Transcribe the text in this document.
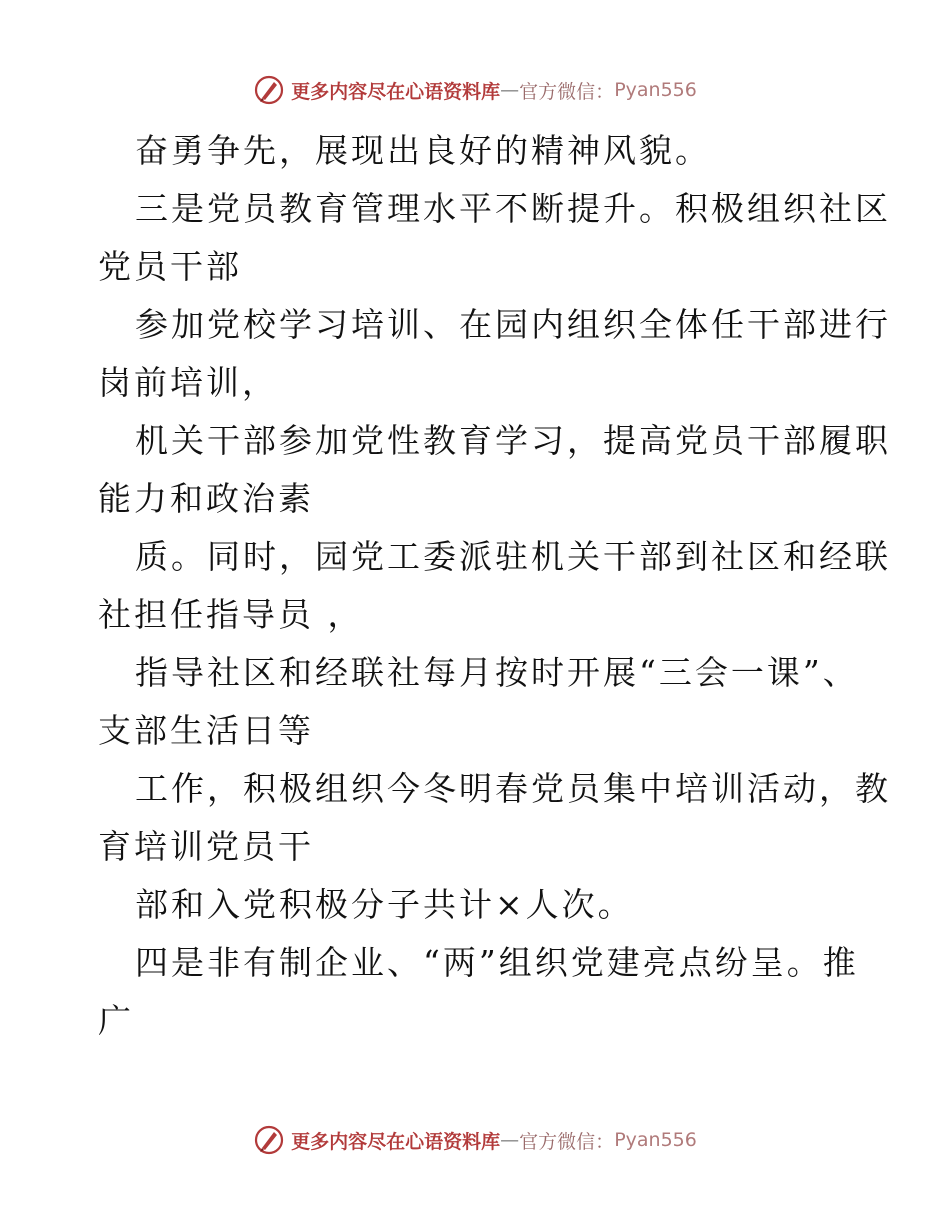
更多内容尽在心语资料库 — 官方微信： Pyan556

奋勇争先，展现出良好的精神风貌。

三是党员教育管理水平不断提升。积极组织社区

党员干部

参加党校学习培训、在园内组织全体任干部进行

岗前培训，

机关干部参加党性教育学习，提高党员干部履职

能力和政治素

质。同时，园党工委派驻机关干部到社区和经联

社担任指导员 ，

指导社区和经联社每月按时开展“三会一课”、

支部生活日等

工作，积极组织今冬明春党员集中培训活动，教

育培训党员干

部和入党积极分子共计×人次。

四是非有制企业、“两”组织党建亮点纷呈。推

广

更多内容尽在心语资料库 — 官方微信： Pyan556
